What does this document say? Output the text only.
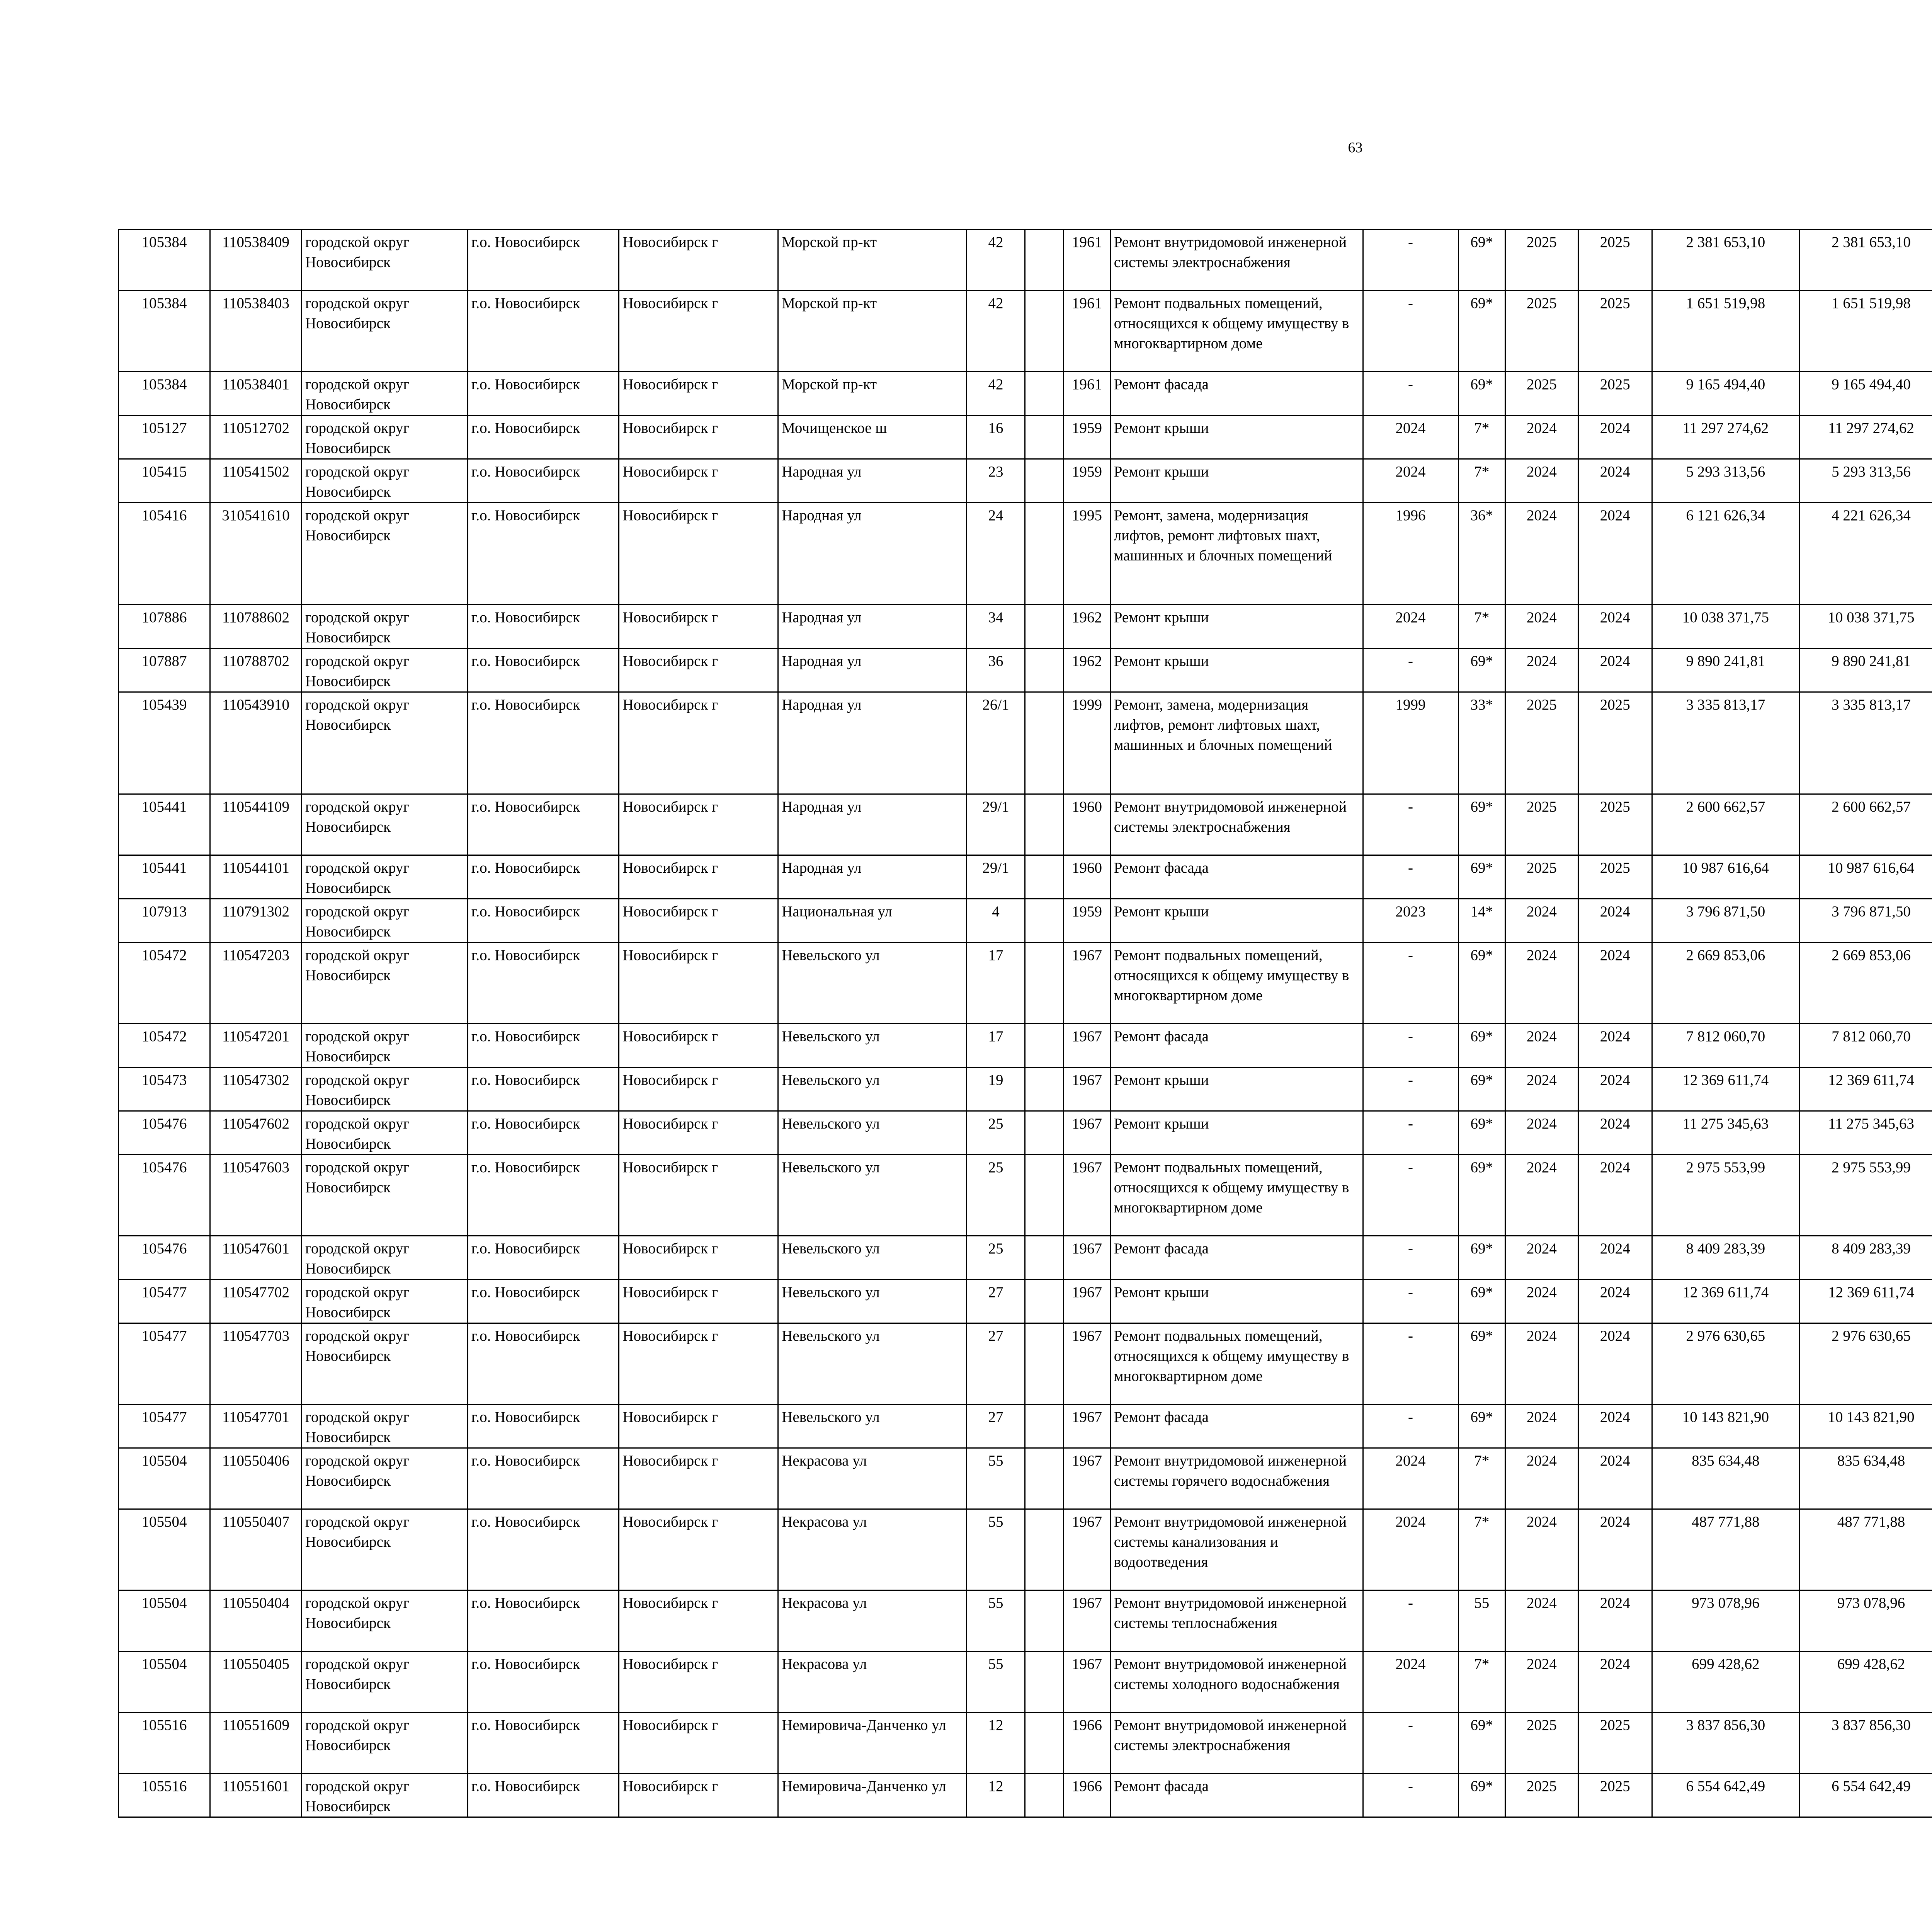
63
105384	110538409	городской округ Новосибирск	г.о. Новосибирск	Новосибирск г	Морской пр-кт	42		1961	Ремонт внутридомовой инженерной системы электроснабжения	-	69*	2025	2025	2 381 653,10	2 381 653,10						
105384	110538403	городской округ Новосибирск	г.о. Новосибирск	Новосибирск г	Морской пр-кт	42		1961	Ремонт подвальных помещений, относящихся к общему имуществу в многоквартирном доме	-	69*	2025	2025	1 651 519,98	1 651 519,98						
105384	110538401	городской округ Новосибирск	г.о. Новосибирск	Новосибирск г	Морской пр-кт	42		1961	Ремонт фасада	-	69*	2025	2025	9 165 494,40	9 165 494,40						
105127	110512702	городской округ Новосибирск	г.о. Новосибирск	Новосибирск г	Мочищенское ш	16		1959	Ремонт крыши	2024	7*	2024	2024	11 297 274,62	11 297 274,62						
105415	110541502	городской округ Новосибирск	г.о. Новосибирск	Новосибирск г	Народная ул	23		1959	Ремонт крыши	2024	7*	2024	2024	5 293 313,56	5 293 313,56						
105416	310541610	городской округ Новосибирск	г.о. Новосибирск	Новосибирск г	Народная ул	24		1995	Ремонт, замена, модернизация лифтов, ремонт лифтовых шахт, машинных и блочных помещений	1996	36*	2024	2024	6 121 626,34	4 221 626,34						
107886	110788602	городской округ Новосибирск	г.о. Новосибирск	Новосибирск г	Народная ул	34		1962	Ремонт крыши	2024	7*	2024	2024	10 038 371,75	10 038 371,75						
107887	110788702	городской округ Новосибирск	г.о. Новосибирск	Новосибирск г	Народная ул	36		1962	Ремонт крыши	-	69*	2024	2024	9 890 241,81	9 890 241,81						
105439	110543910	городской округ Новосибирск	г.о. Новосибирск	Новосибирск г	Народная ул	26/1		1999	Ремонт, замена, модернизация лифтов, ремонт лифтовых шахт, машинных и блочных помещений	1999	33*	2025	2025	3 335 813,17	3 335 813,17						
105441	110544109	городской округ Новосибирск	г.о. Новосибирск	Новосибирск г	Народная ул	29/1		1960	Ремонт внутридомовой инженерной системы электроснабжения	-	69*	2025	2025	2 600 662,57	2 600 662,57						
105441	110544101	городской округ Новосибирск	г.о. Новосибирск	Новосибирск г	Народная ул	29/1		1960	Ремонт фасада	-	69*	2025	2025	10 987 616,64	10 987 616,64						
107913	110791302	городской округ Новосибирск	г.о. Новосибирск	Новосибирск г	Национальная ул	4		1959	Ремонт крыши	2023	14*	2024	2024	3 796 871,50	3 796 871,50						
105472	110547203	городской округ Новосибирск	г.о. Новосибирск	Новосибирск г	Невельского ул	17		1967	Ремонт подвальных помещений, относящихся к общему имуществу в многоквартирном доме	-	69*	2024	2024	2 669 853,06	2 669 853,06						
105472	110547201	городской округ Новосибирск	г.о. Новосибирск	Новосибирск г	Невельского ул	17		1967	Ремонт фасада	-	69*	2024	2024	7 812 060,70	7 812 060,70						
105473	110547302	городской округ Новосибирск	г.о. Новосибирск	Новосибирск г	Невельского ул	19		1967	Ремонт крыши	-	69*	2024	2024	12 369 611,74	12 369 611,74						
105476	110547602	городской округ Новосибирск	г.о. Новосибирск	Новосибирск г	Невельского ул	25		1967	Ремонт крыши	-	69*	2024	2024	11 275 345,63	11 275 345,63						
105476	110547603	городской округ Новосибирск	г.о. Новосибирск	Новосибирск г	Невельского ул	25		1967	Ремонт подвальных помещений, относящихся к общему имуществу в многоквартирном доме	-	69*	2024	2024	2 975 553,99	2 975 553,99						
105476	110547601	городской округ Новосибирск	г.о. Новосибирск	Новосибирск г	Невельского ул	25		1967	Ремонт фасада	-	69*	2024	2024	8 409 283,39	8 409 283,39						
105477	110547702	городской округ Новосибирск	г.о. Новосибирск	Новосибирск г	Невельского ул	27		1967	Ремонт крыши	-	69*	2024	2024	12 369 611,74	12 369 611,74						
105477	110547703	городской округ Новосибирск	г.о. Новосибирск	Новосибирск г	Невельского ул	27		1967	Ремонт подвальных помещений, относящихся к общему имуществу в многоквартирном доме	-	69*	2024	2024	2 976 630,65	2 976 630,65						
105477	110547701	городской округ Новосибирск	г.о. Новосибирск	Новосибирск г	Невельского ул	27		1967	Ремонт фасада	-	69*	2024	2024	10 143 821,90	10 143 821,90						
105504	110550406	городской округ Новосибирск	г.о. Новосибирск	Новосибирск г	Некрасова ул	55		1967	Ремонт внутридомовой инженерной системы горячего водоснабжения	2024	7*	2024	2024	835 634,48	835 634,48						
105504	110550407	городской округ Новосибирск	г.о. Новосибирск	Новосибирск г	Некрасова ул	55		1967	Ремонт внутридомовой инженерной системы канализования и водоотведения	2024	7*	2024	2024	487 771,88	487 771,88						
105504	110550404	городской округ Новосибирск	г.о. Новосибирск	Новосибирск г	Некрасова ул	55		1967	Ремонт внутридомовой инженерной системы теплоснабжения	-	55	2024	2024	973 078,96	973 078,96						
105504	110550405	городской округ Новосибирск	г.о. Новосибирск	Новосибирск г	Некрасова ул	55		1967	Ремонт внутридомовой инженерной системы холодного водоснабжения	2024	7*	2024	2024	699 428,62	699 428,62						
105516	110551609	городской округ Новосибирск	г.о. Новосибирск	Новосибирск г	Немировича-Данченко ул	12		1966	Ремонт внутридомовой инженерной системы электроснабжения	-	69*	2025	2025	3 837 856,30	3 837 856,30						
105516	110551601	городской округ Новосибирск	г.о. Новосибирск	Новосибирск г	Немировича-Данченко ул	12		1966	Ремонт фасада	-	69*	2025	2025	6 554 642,49	6 554 642,49						
